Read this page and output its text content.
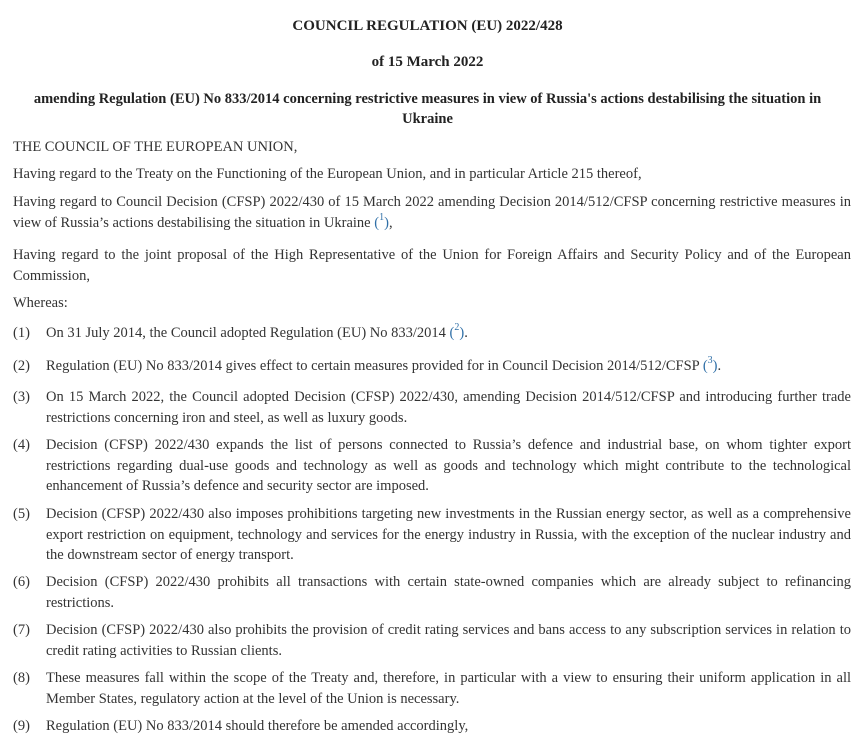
COUNCIL REGULATION (EU) 2022/428
of 15 March 2022
amending Regulation (EU) No 833/2014 concerning restrictive measures in view of Russia's actions destabilising the situation in Ukraine
THE COUNCIL OF THE EUROPEAN UNION,
Having regard to the Treaty on the Functioning of the European Union, and in particular Article 215 thereof,
Having regard to Council Decision (CFSP) 2022/430 of 15 March 2022 amending Decision 2014/512/CFSP concerning restrictive measures in view of Russia’s actions destabilising the situation in Ukraine ($^1$),
Having regard to the joint proposal of the High Representative of the Union for Foreign Affairs and Security Policy and of the European Commission,
Whereas:
(1)	On 31 July 2014, the Council adopted Regulation (EU) No 833/2014 ($^2$).
(2)	Regulation (EU) No 833/2014 gives effect to certain measures provided for in Council Decision 2014/512/CFSP ($^3$).
(3)	On 15 March 2022, the Council adopted Decision (CFSP) 2022/430, amending Decision 2014/512/CFSP and introducing further trade restrictions concerning iron and steel, as well as luxury goods.
(4)	Decision (CFSP) 2022/430 expands the list of persons connected to Russia’s defence and industrial base, on whom tighter export restrictions regarding dual-use goods and technology as well as goods and technology which might contribute to the technological enhancement of Russia’s defence and security sector are imposed.
(5)	Decision (CFSP) 2022/430 also imposes prohibitions targeting new investments in the Russian energy sector, as well as a comprehensive export restriction on equipment, technology and services for the energy industry in Russia, with the exception of the nuclear industry and the downstream sector of energy transport.
(6)	Decision (CFSP) 2022/430 prohibits all transactions with certain state-owned companies which are already subject to refinancing restrictions.
(7)	Decision (CFSP) 2022/430 also prohibits the provision of credit rating services and bans access to any subscription services in relation to credit rating activities to Russian clients.
(8)	These measures fall within the scope of the Treaty and, therefore, in particular with a view to ensuring their uniform application in all Member States, regulatory action at the level of the Union is necessary.
(9)	Regulation (EU) No 833/2014 should therefore be amended accordingly,
